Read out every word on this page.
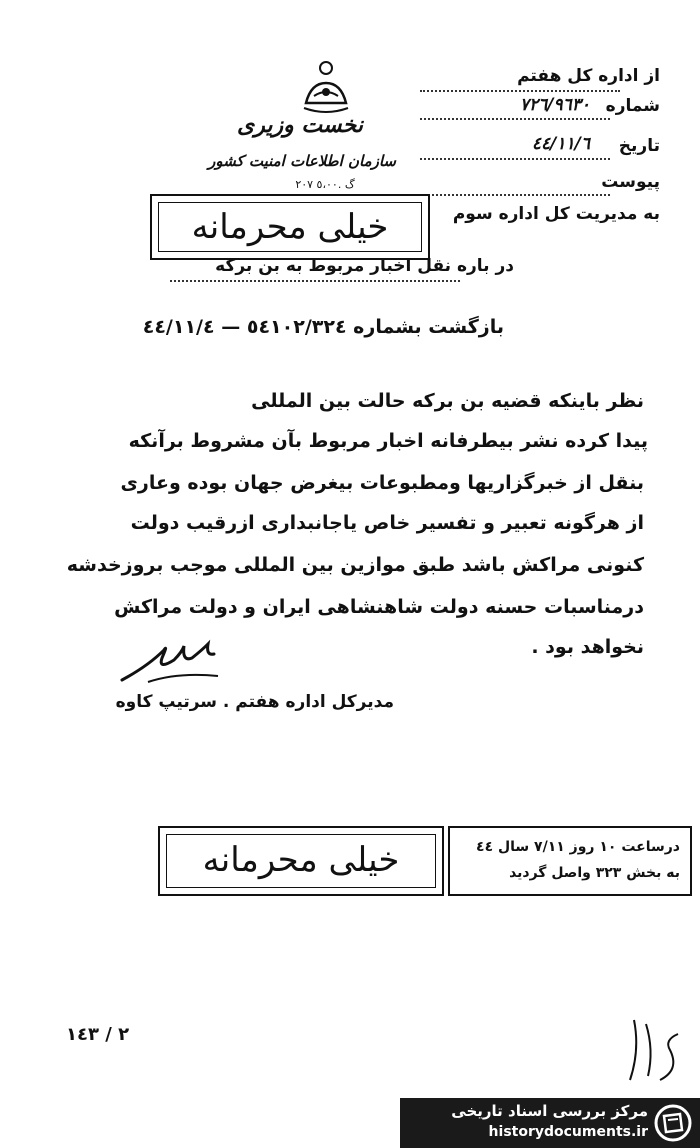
نخست وزیری
سازمان اطلاعات امنیت کشور
گ .٥،٠٠ ٢٠٧
از اداره کل هفتم
شماره
٧٢٦/٩٦٣٠
تاریخ
٤٤/١١/٦
پیوست
به مدیریت کل اداره سوم
خیلی محرمانه
در باره نقل اخبار مربوط به بن برکه
بازگشت بشماره ٥٤١٠٢/٣٢٤ — ٤٤/١١/٤
نظر باینکه قضیه بن برکه حالت بین المللی
پیدا کرده نشر بیطرفانه اخبار مربوط بآن مشروط برآنکه
بنقل از خبرگزاریها ومطبوعات بیغرض جهان بوده وعاری
از هرگونه تعبیر و تفسیر خاص یاجانبداری ازرقیب دولت
کنونی مراکش باشد طبق موازین بین المللی موجب بروزخدشه
درمناسبات حسنه دولت شاهنشاهی ایران و دولت مراکش
نخواهد بود .
مدیرکل اداره هفتم . سرتیپ کاوه
خیلی محرمانه	درساعت ١٠ روز ٧/١١ سال ٤٤
به بخش ٣٢٣ واصل گردید
٢ / ١٤٣
مرکز بررسی اسناد تاریخی
historydocuments.ir
